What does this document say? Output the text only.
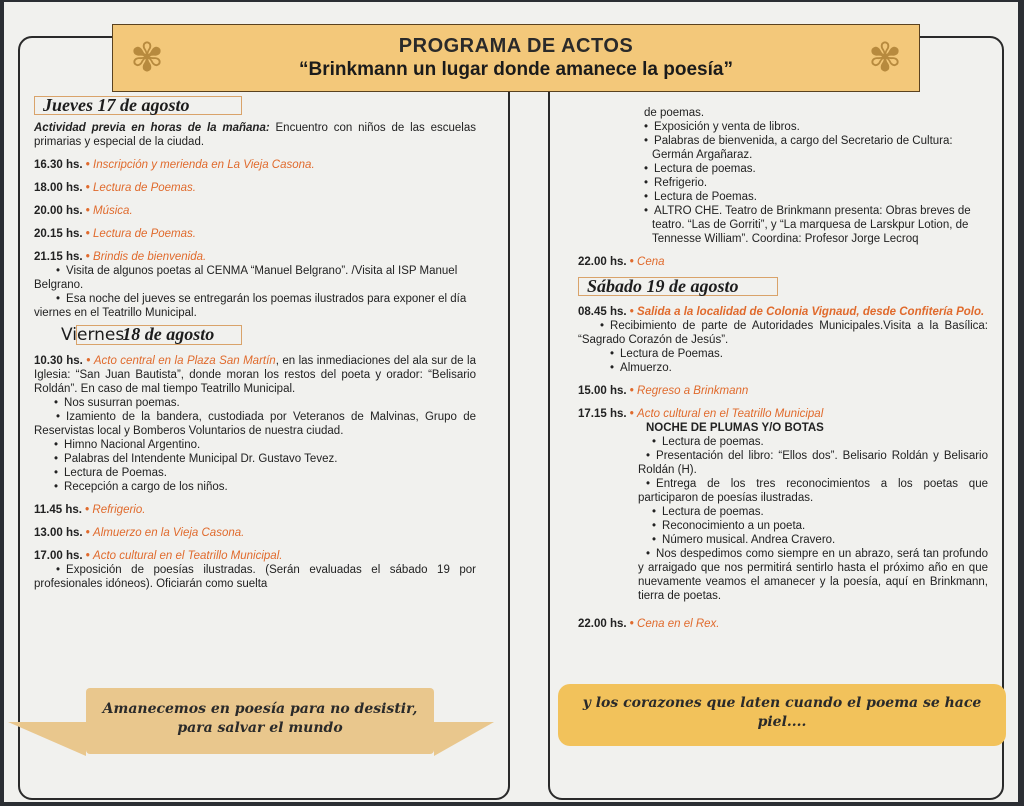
✾	✾
PROGRAMA DE ACTOS
“Brinkmann un lugar donde amanece la poesía”
Jueves 17 de agosto
Actividad previa en horas de la mañana: Encuentro con niños de las escuelas primarias y especial de la ciudad.
16.30 hs. • Inscripción y merienda en La Vieja Casona.
18.00 hs. • Lectura de Poemas.
20.00 hs. • Música.
20.15 hs. • Lectura de Poemas.
21.15 hs. • Brindis de bienvenida.
• Visita de algunos poetas al CENMA “Manuel Belgrano”. /Visita al ISP Manuel Belgrano.
• Esa noche del jueves se entregarán los poemas ilustrados para exponer el día viernes en el Teatrillo Municipal.
Viernes18 de agosto
10.30 hs. • Acto central en la Plaza San Martín, en las inmediaciones del ala sur de la Iglesia: “San Juan Bautista”, donde moran los restos del poeta y orador: “Belisario Roldán”. En caso de mal tiempo Teatrillo Municipal.
• Nos susurran poemas.
• Izamiento de la bandera, custodiada por Veteranos de Malvinas, Grupo de Reservistas local y Bomberos Voluntarios de nuestra ciudad.
• Himno Nacional Argentino.
• Palabras del Intendente Municipal Dr. Gustavo Tevez.
• Lectura de Poemas.
• Recepción a cargo de los niños.
11.45 hs. • Refrigerio.
13.00 hs. • Almuerzo en la Vieja Casona.
17.00 hs. • Acto cultural en el Teatrillo Municipal.
• Exposición de poesías ilustradas. (Serán evaluadas el sábado 19 por profesionales idóneos). Oficiarán como suelta
de poemas.
• Exposición y venta de libros.
• Palabras de bienvenida, a cargo del Secretario de Cultura: Germán Argañaraz.
• Lectura de poemas.
• Refrigerio.
• Lectura de Poemas.
• ALTRO CHE. Teatro de Brinkmann presenta: Obras breves de teatro. “Las de Gorriti”, y “La marquesa de Larskpur Lotion, de Tennesse William”. Coordina: Profesor Jorge Lecroq
22.00 hs. • Cena
Sábado 19 de agosto
08.45 hs. • Salida a la localidad de Colonia Vignaud, desde Confitería Polo.
• Recibimiento de parte de Autoridades Municipales.Visita a la Basílica: “Sagrado Corazón de Jesús”.
• Lectura de Poemas.
• Almuerzo.
15.00 hs. • Regreso a Brinkmann
17.15 hs. • Acto cultural en el Teatrillo Municipal
NOCHE DE PLUMAS Y/O BOTAS
• Lectura de poemas.
• Presentación del libro: “Ellos dos”. Belisario Roldán y Belisario Roldán (H).
• Entrega de los tres reconocimientos a los poetas que participaron de poesías ilustradas.
• Lectura de poemas.
• Reconocimiento a un poeta.
• Número musical. Andrea Cravero.
• Nos despedimos como siempre en un abrazo, será tan profundo y arraigado que nos permitirá sentirlo hasta el próximo año en que nuevamente veamos el amanecer y la poesía, aquí en Brinkmann, tierra de poetas.
22.00 hs. • Cena en el Rex.
Amanecemos en poesía para no desistir, para salvar el mundo
y los corazones que laten cuando el poema se hace piel....
